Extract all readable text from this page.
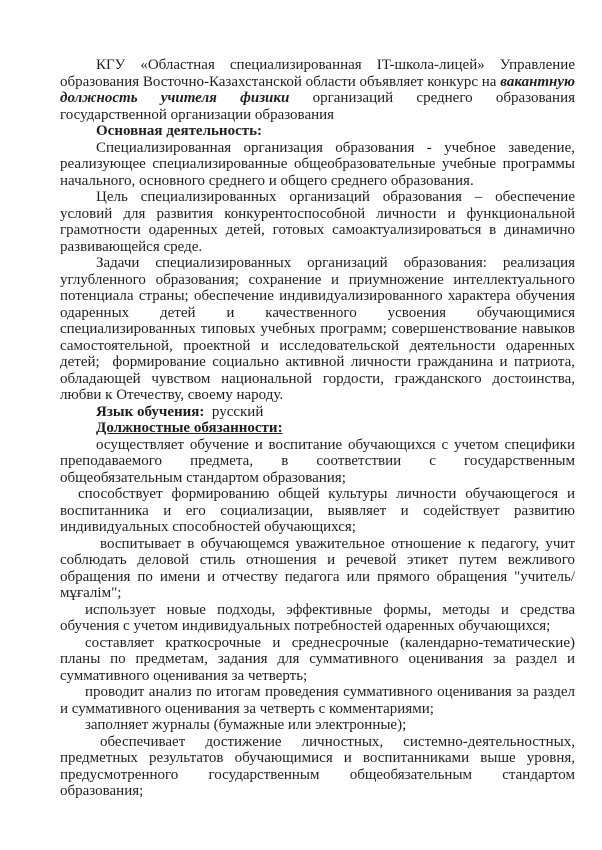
КГУ «Областная специализированная IT-школа-лицей» Управление образования Восточно-Казахстанской области объявляет конкурс на вакантную должность учителя физики организаций среднего образования государственной организации образования

Основная деятельность:

Специализированная организация образования - учебное заведение, реализующее специализированные общеобразовательные учебные программы начального, основного среднего и общего среднего образования.

Цель специализированных организаций образования – обеспечение условий для развития конкурентоспособной личности и функциональной грамотности одаренных детей, готовых самоактуализироваться в динамично развивающейся среде.

Задачи специализированных организаций образования: реализация углубленного образования; сохранение и приумножение интеллектуального потенциала страны; обеспечение индивидуализированного характера обучения одаренных детей и качественного усвоения обучающимися специализированных типовых учебных программ; совершенствование навыков самостоятельной, проектной и исследовательской деятельности одаренных детей;  формирование социально активной личности гражданина и патриота, обладающей чувством национальной гордости, гражданского достоинства, любви к Отечеству, своему народу.

Язык обучения:  русский

Должностные обязанности:

осуществляет обучение и воспитание обучающихся с учетом специфики преподаваемого предмета, в соответствии с государственным общеобязательным стандартом образования;

способствует формированию общей культуры личности обучающегося и воспитанника и его социализации, выявляет и содействует развитию индивидуальных способностей обучающихся;

воспитывает в обучающемся уважительное отношение к педагогу, учит соблюдать деловой стиль отношения и речевой этикет путем вежливого обращения по имени и отчеству педагога или прямого обращения "учитель/мұғалім";

использует новые подходы, эффективные формы, методы и средства обучения с учетом индивидуальных потребностей одаренных обучающихся;

составляет краткосрочные и среднесрочные (календарно-тематические) планы по предметам, задания для суммативного оценивания за раздел и суммативного оценивания за четверть;

проводит анализ по итогам проведения суммативного оценивания за раздел и суммативного оценивания за четверть с комментариями;

заполняет журналы (бумажные или электронные);

обеспечивает достижение личностных, системно-деятельностных, предметных результатов обучающимися и воспитанниками выше уровня, предусмотренного государственным общеобязательным стандартом образования;
